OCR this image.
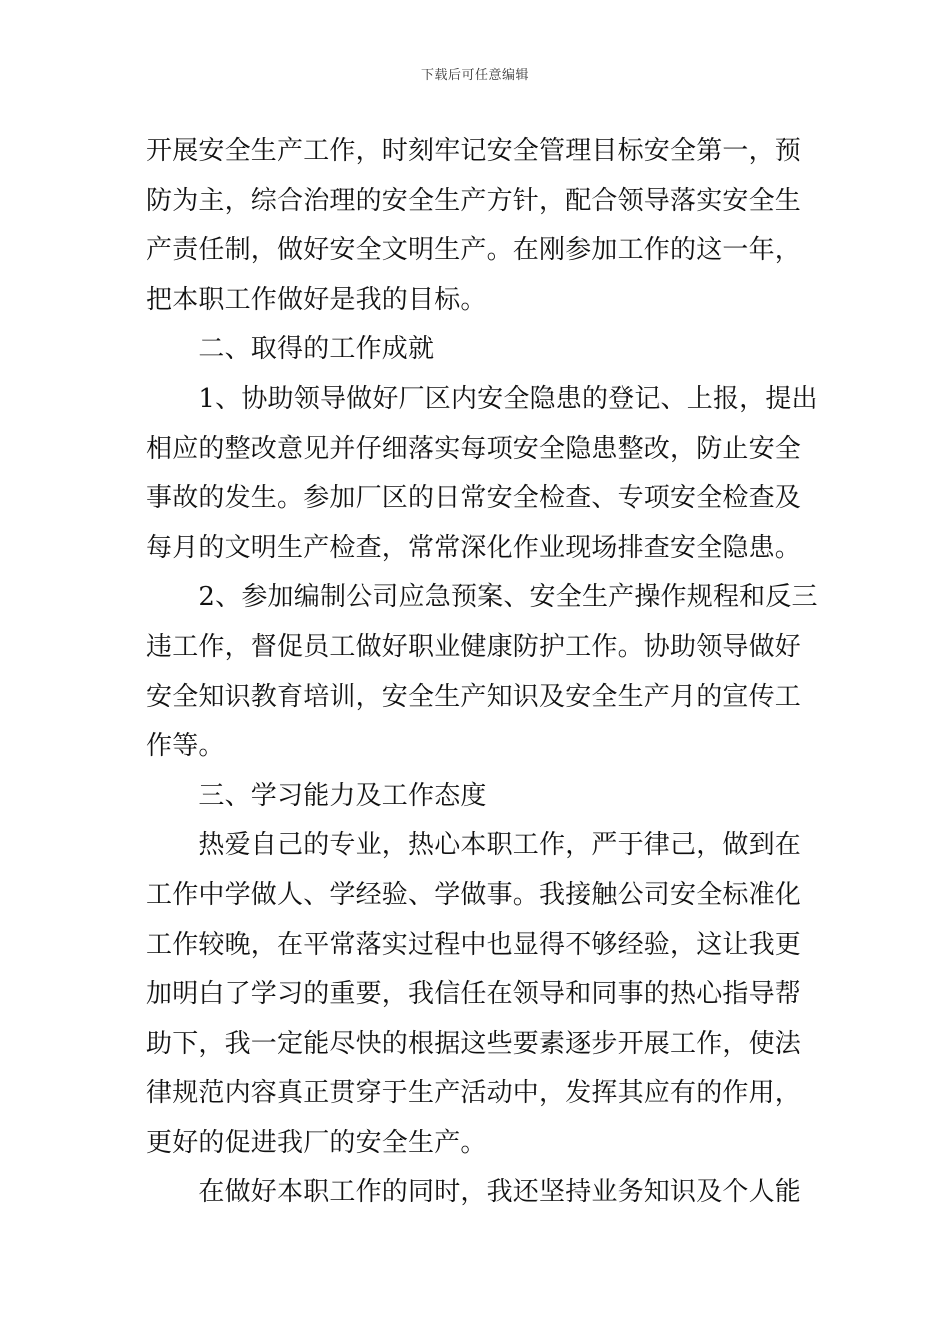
下载后可任意编辑
开展安全生产工作，时刻牢记安全管理目标安全第一，预
防为主，综合治理的安全生产方针，配合领导落实安全生
产责任制，做好安全文明生产。在刚参加工作的这一年，
把本职工作做好是我的目标。
　　二、取得的工作成就
　　1、协助领导做好厂区内安全隐患的登记、上报，提出
相应的整改意见并仔细落实每项安全隐患整改，防止安全
事故的发生。参加厂区的日常安全检查、专项安全检查及
每月的文明生产检查，常常深化作业现场排查安全隐患。
　　2、参加编制公司应急预案、安全生产操作规程和反三
违工作，督促员工做好职业健康防护工作。协助领导做好
安全知识教育培训，安全生产知识及安全生产月的宣传工
作等。
　　三、学习能力及工作态度
　　热爱自己的专业，热心本职工作，严于律己，做到在
工作中学做人、学经验、学做事。我接触公司安全标准化
工作较晚，在平常落实过程中也显得不够经验，这让我更
加明白了学习的重要，我信任在领导和同事的热心指导帮
助下，我一定能尽快的根据这些要素逐步开展工作，使法
律规范内容真正贯穿于生产活动中，发挥其应有的作用，
更好的促进我厂的安全生产。
　　在做好本职工作的同时，我还坚持业务知识及个人能
